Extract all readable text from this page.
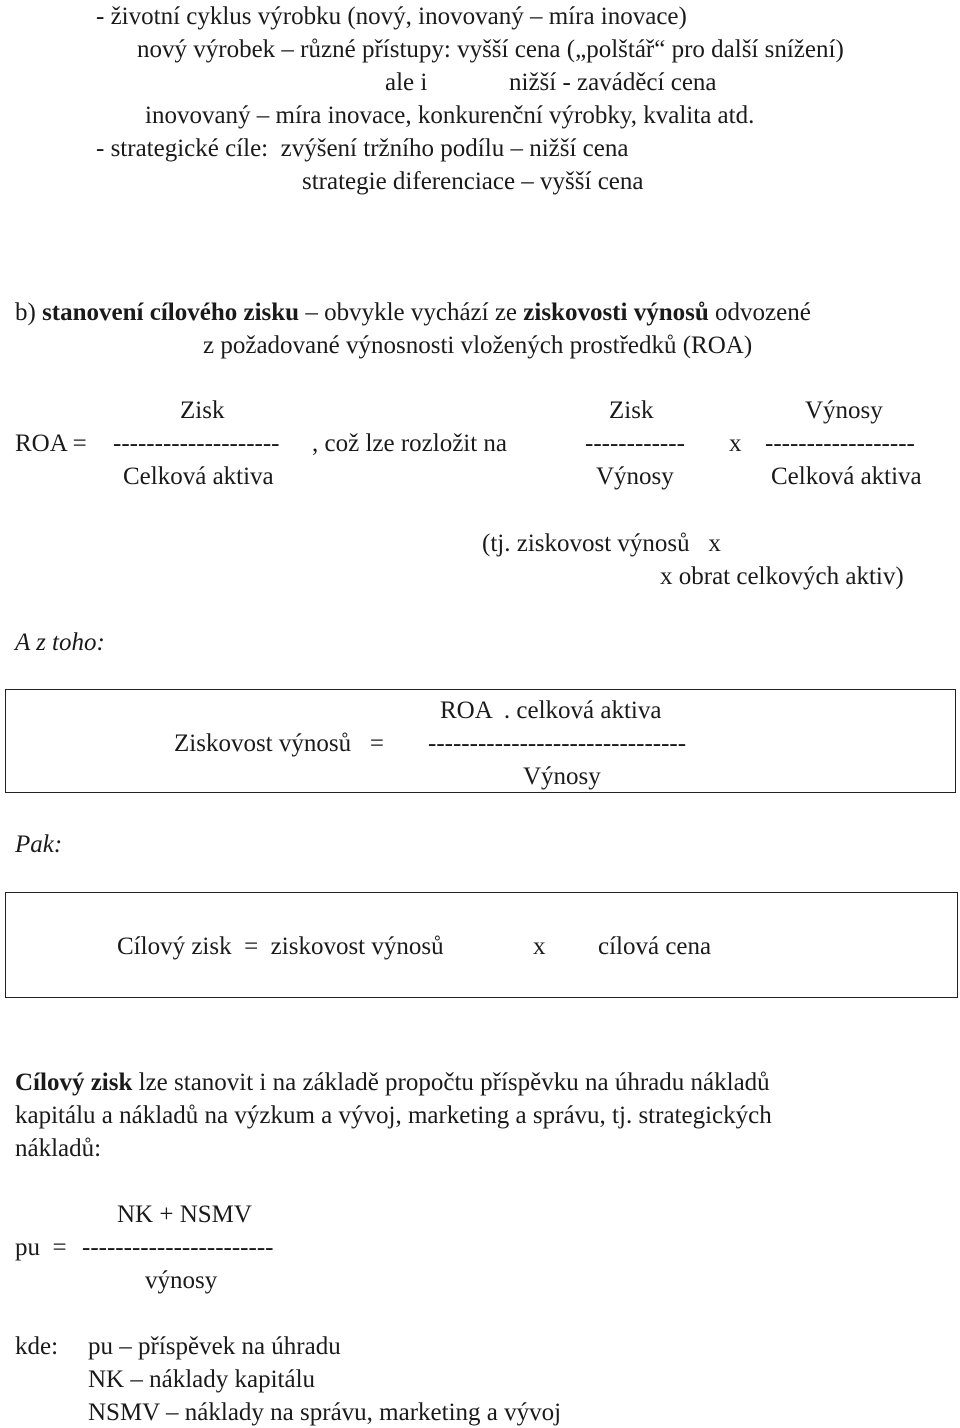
- životní cyklus výrobku (nový, inovovaný – míra inovace)
nový výrobek – různé přístupy: vyšší cena („polštář“ pro další snížení)
ale i	nižší - zaváděcí cena
inovovaný – míra inovace, konkurenční výrobky, kvalita atd.
- strategické cíle:  zvýšení tržního podílu – nižší cena
strategie diferenciace – vyšší cena
b) stanovení cílového zisku – obvykle vychází ze ziskovosti výnosů odvozené
z požadované výnosnosti vložených prostředků (ROA)
Zisk	Zisk	Výnosy
ROA = -------------------- , což lze rozložit na	------------ x ------------------
Celková aktiva	Výnosy	Celková aktiva
(tj. ziskovost výnosů   x
x obrat celkových aktiv)
A z toho:
ROA  . celková aktiva
Ziskovost výnosů   = -------------------------------
Výnosy
Pak:
Cílový zisk  =  ziskovost výnosů	x cílová cena
Cílový zisk lze stanovit i na základě propočtu příspěvku na úhradu nákladů
kapitálu a nákladů na výzkum a vývoj, marketing a správu, tj. strategických
nákladů:
NK + NSMV
pu  = -----------------------
výnosy
kde: pu – příspěvek na úhradu
NK – náklady kapitálu
NSMV – náklady na správu, marketing a vývoj
